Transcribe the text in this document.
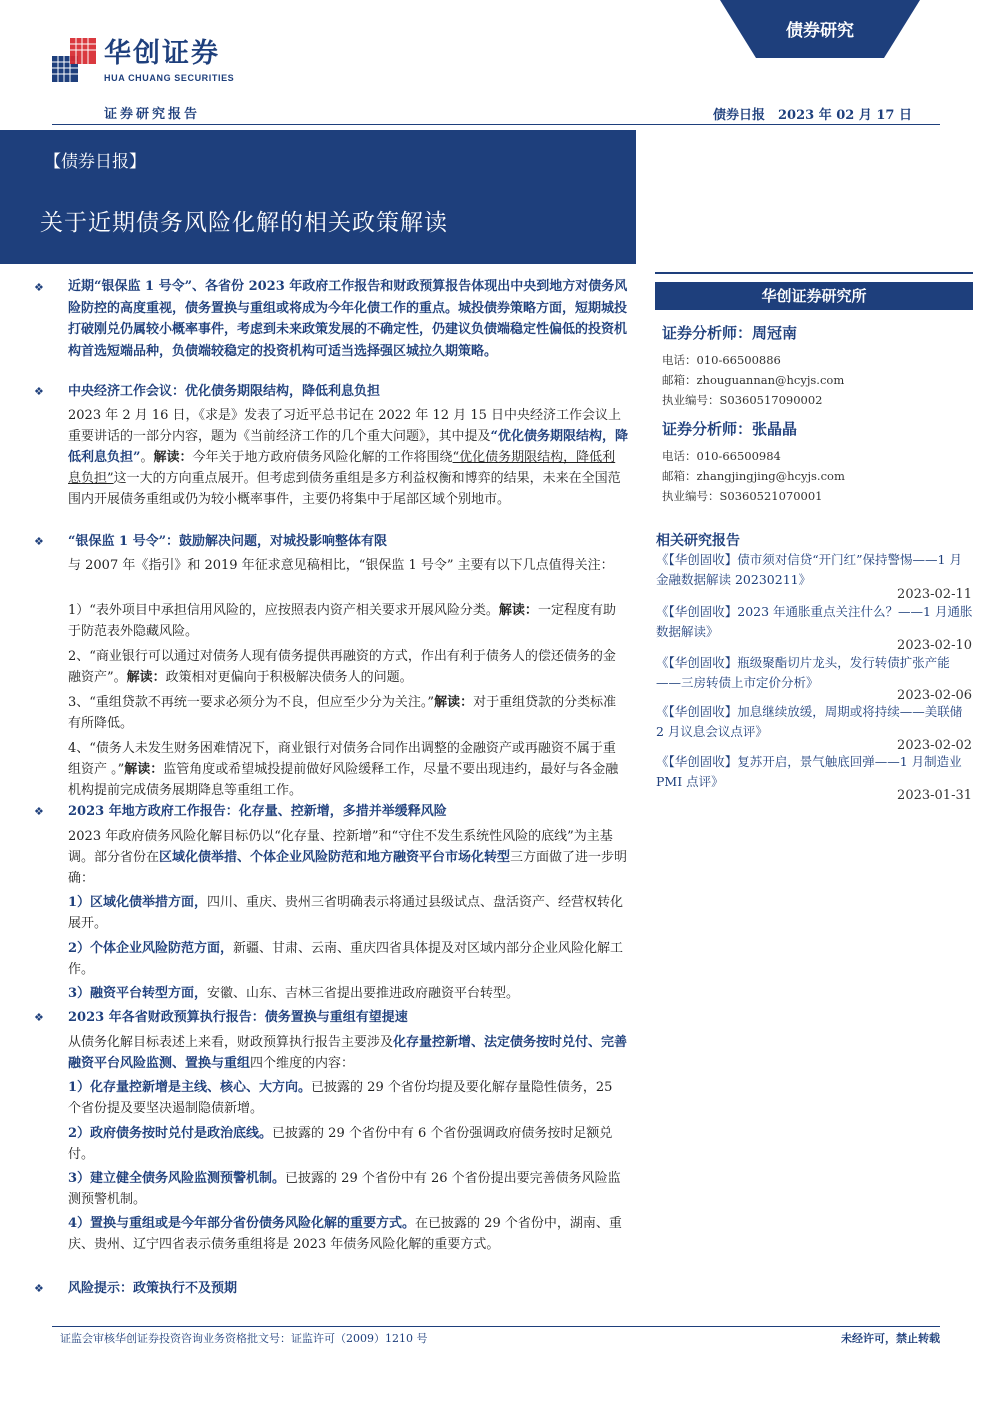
华创证券
HUA CHUANG SECURITIES
债券研究
证券研究报告	债券日报　2023 年 02 月 17 日
【债券日报】
关于近期债务风险化解的相关政策解读
❖ 近期“银保监 1 号令”、各省份 2023 年政府工作报告和财政预算报告体现出中央到地方对债务风险防控的高度重视，债务置换与重组或将成为今年化债工作的重点。城投债券策略方面，短期城投打破刚兑仍属较小概率事件，考虑到未来政策发展的不确定性，仍建议负债端稳定性偏低的投资机构首选短端品种，负债端较稳定的投资机构可适当选择强区城拉久期策略。
❖ 中央经济工作会议：优化债务期限结构，降低利息负担

2023 年 2 月 16 日，《求是》发表了习近平总书记在 2022 年 12 月 15 日中央经济工作会议上重要讲话的一部分内容，题为《当前经济工作的几个重大问题》，其中提及“优化债务期限结构，降低利息负担”。解读：今年关于地方政府债务风险化解的工作将围绕“优化债务期限结构，降低利息负担”这一大的方向重点展开。但考虑到债务重组是多方利益权衡和博弈的结果，未来在全国范围内开展债务重组或仍为较小概率事件，主要仍将集中于尾部区域个别地市。

❖ “银保监 1 号令”：鼓励解决问题，对城投影响整体有限

与 2007 年《指引》和 2019 年征求意见稿相比，“银保监 1 号令” 主要有以下几点值得关注：

1）“表外项目中承担信用风险的，应按照表内资产相关要求开展风险分类。解读：一定程度有助于防范表外隐藏风险。

2、“商业银行可以通过对债务人现有债务提供再融资的方式，作出有利于债务人的偿还债务的金融资产”。解读：政策相对更偏向于积极解决债务人的问题。

3、“重组贷款不再统一要求必须分为不良，但应至少分为关注。”解读：对于重组贷款的分类标准有所降低。

4、“债务人未发生财务困难情况下，商业银行对债务合同作出调整的金融资产或再融资不属于重组资产 。”解读：监管角度或希望城投提前做好风险缓释工作，尽量不要出现违约，最好与各金融机构提前完成债务展期降息等重组工作。

❖ 2023 年地方政府工作报告：化存量、控新增，多措并举缓释风险

2023 年政府债务风险化解目标仍以“化存量、控新增”和“守住不发生系统性风险的底线”为主基调。部分省份在区域化债举措、个体企业风险防范和地方融资平台市场化转型三方面做了进一步明确：

1）区域化债举措方面，四川、重庆、贵州三省明确表示将通过县级试点、盘活资产、经营权转化展开。

2）个体企业风险防范方面，新疆、甘肃、云南、重庆四省具体提及对区域内部分企业风险化解工作。

3）融资平台转型方面，安徽、山东、吉林三省提出要推进政府融资平台转型。

❖ 2023 年各省财政预算执行报告：债务置换与重组有望提速

从债务化解目标表述上来看，财政预算执行报告主要涉及化存量控新增、法定债务按时兑付、完善融资平台风险监测、置换与重组四个维度的内容：

1）化存量控新增是主线、核心、大方向。已披露的 29 个省份均提及要化解存量隐性债务，25 个省份提及要坚决遏制隐债新增。

2）政府债务按时兑付是政治底线。已披露的 29 个省份中有 6 个省份强调政府债务按时足额兑付。

3）建立健全债务风险监测预警机制。已披露的 29 个省份中有 26 个省份提出要完善债务风险监测预警机制。

4）置换与重组或是今年部分省份债务风险化解的重要方式。在已披露的 29 个省份中，湖南、重庆、贵州、辽宁四省表示债务重组将是 2023 年债务风险化解的重要方式。

❖ 风险提示：政策执行不及预期
华创证券研究所
证券分析师：周冠南
电话：010-66500886
邮箱：zhouguannan@hcyjs.com
执业编号：S0360517090002
证券分析师：张晶晶
电话：010-66500984
邮箱：zhangjingjing@hcyjs.com
执业编号：S0360521070001
相关研究报告
《【华创固收】债市须对信贷“开门红”保持警惕——1 月金融数据解读 20230211》
2023-02-11
《【华创固收】2023 年通胀重点关注什么？——1 月通胀数据解读》
2023-02-10
《【华创固收】瓶级聚酯切片龙头，发行转债扩张产能——三房转债上市定价分析》
2023-02-06
《【华创固收】加息继续放缓，周期或将持续——美联储 2 月议息会议点评》
2023-02-02
《【华创固收】复苏开启，景气触底回弹——1 月制造业 PMI 点评》
2023-01-31
证监会审核华创证券投资咨询业务资格批文号：证监许可（2009）1210 号	未经许可，禁止转载
